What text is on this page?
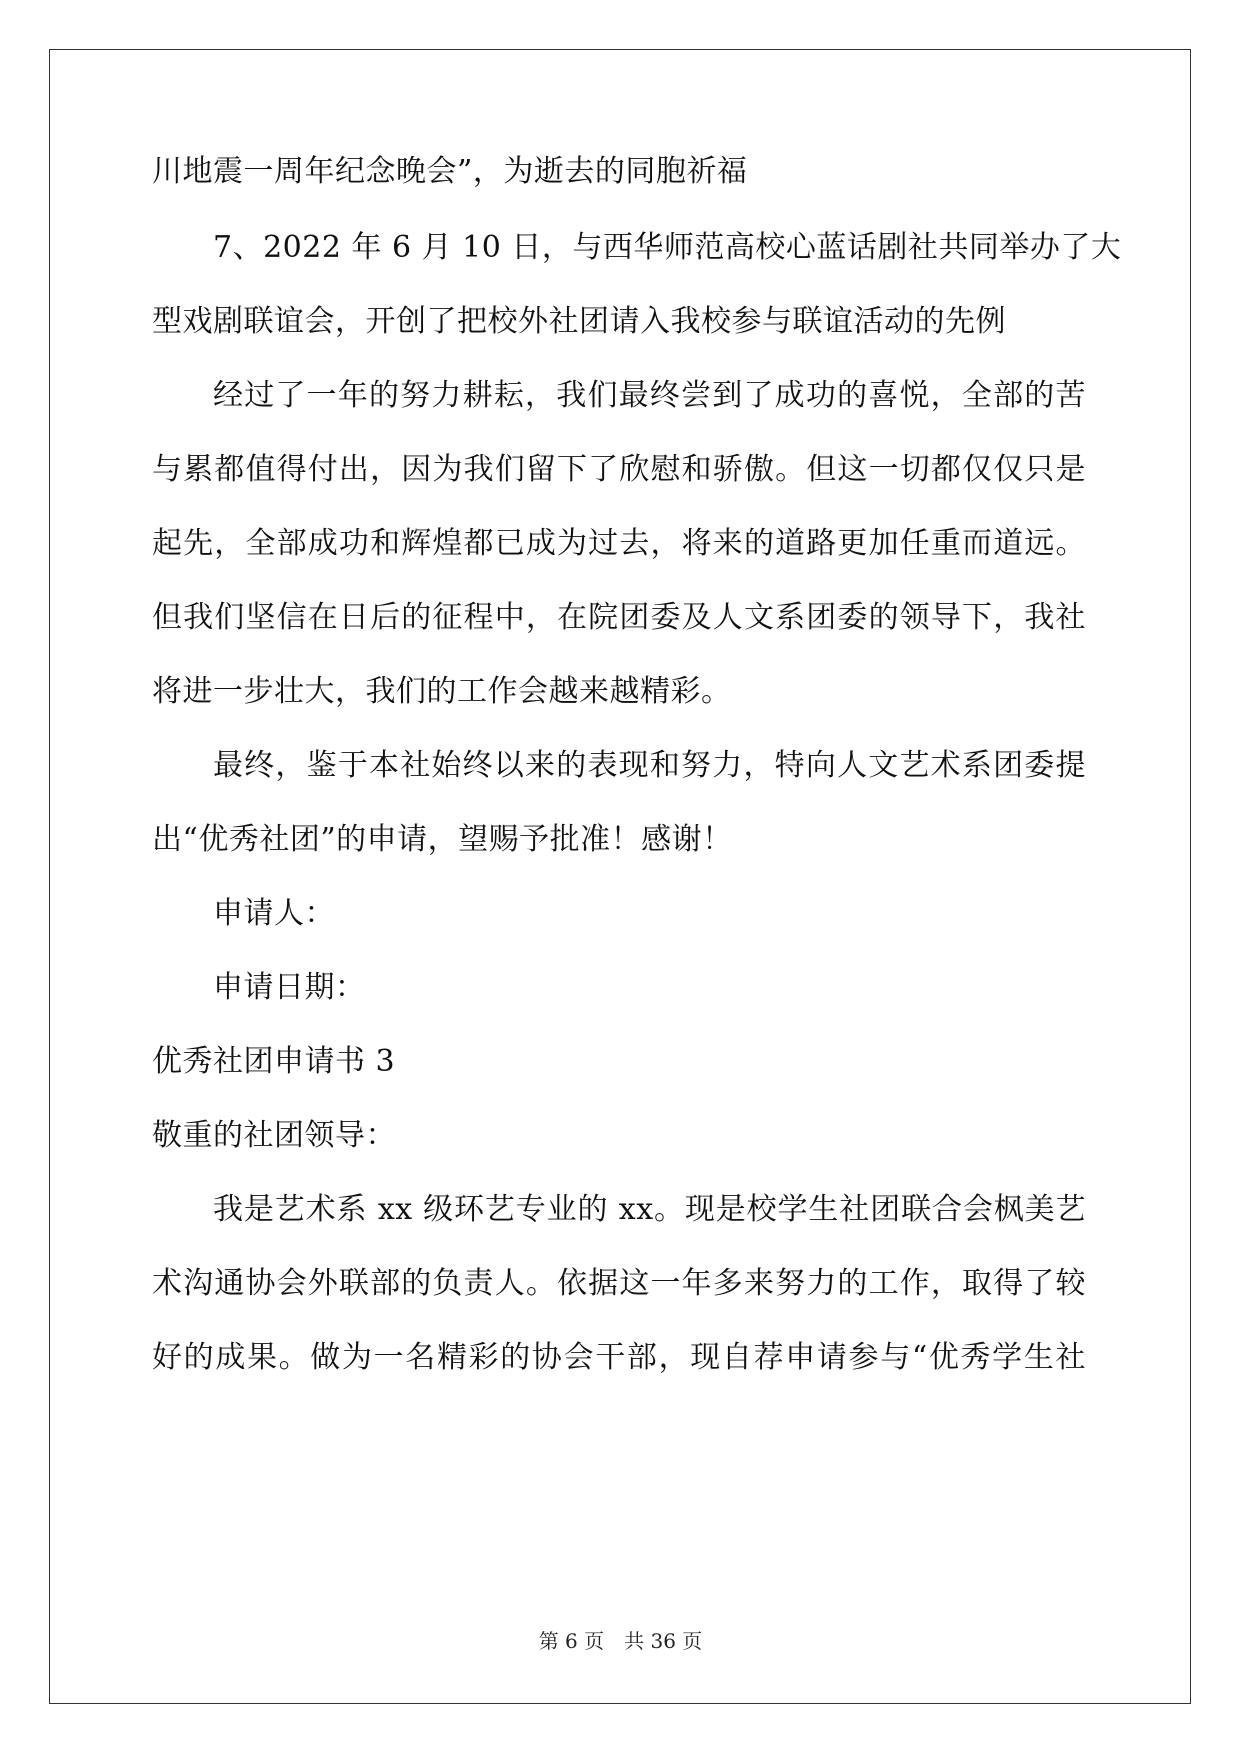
川地震一周年纪念晚会”，为逝去的同胞祈福
7、2022 年 6 月 10 日，与西华师范高校心蓝话剧社共同举办了大
型戏剧联谊会，开创了把校外社团请入我校参与联谊活动的先例
经过了一年的努力耕耘，我们最终尝到了成功的喜悦，全部的苦
与累都值得付出，因为我们留下了欣慰和骄傲。但这一切都仅仅只是
起先，全部成功和辉煌都已成为过去，将来的道路更加任重而道远。
但我们坚信在日后的征程中，在院团委及人文系团委的领导下，我社
将进一步壮大，我们的工作会越来越精彩。
最终，鉴于本社始终以来的表现和努力，特向人文艺术系团委提
出“优秀社团”的申请，望赐予批准！感谢！
申请人：
申请日期：
优秀社团申请书 3
敬重的社团领导：
我是艺术系 xx 级环艺专业的 xx。现是校学生社团联合会枫美艺
术沟通协会外联部的负责人。依据这一年多来努力的工作，取得了较
好的成果。做为一名精彩的协会干部，现自荐申请参与“优秀学生社
第 6 页 共 36 页
